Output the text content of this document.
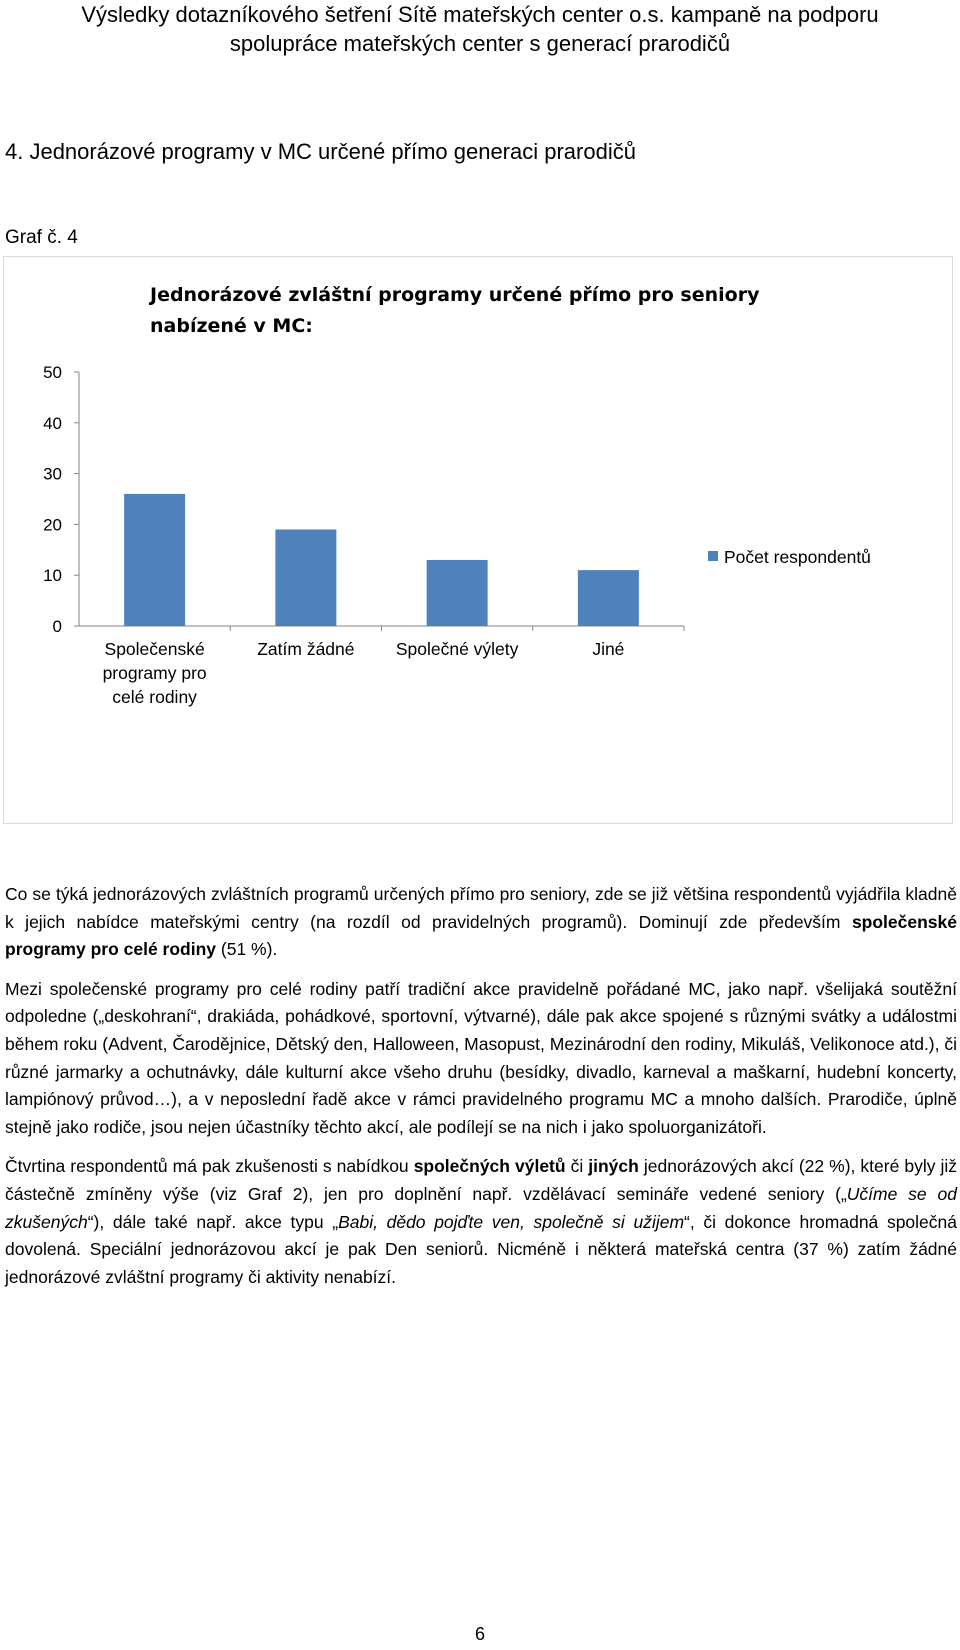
Výsledky dotazníkového šetření Sítě mateřských center o.s. kampaně na podporu
spolupráce mateřských center s generací prarodičů
4. Jednorázové programy v MC určené přímo generaci prarodičů
Graf č. 4
0
10
20
30
40
50
Společenské
programy pro
celé rodiny
Zatím žádné Společné výlety	Jiné
Počet respondentů
Jednorázové zvláštní programy určené přímo pro seniory
nabízené v MC:

Co se týká jednorázových zvláštních programů určených přímo pro seniory, zde se již většina respondentů vyjádřila kladně k jejich nabídce mateřskými centry (na rozdíl od pravidelných programů). Dominují zde především společenské programy pro celé rodiny (51 %).

Mezi společenské programy pro celé rodiny patří tradiční akce pravidelně pořádané MC, jako např. všelijaká soutěžní odpoledne („deskohraní“, drakiáda, pohádkové, sportovní, výtvarné), dále pak akce spojené s různými svátky a událostmi během roku (Advent, Čarodějnice, Dětský den, Halloween, Masopust, Mezinárodní den rodiny, Mikuláš, Velikonoce atd.), či různé jarmarky a ochutnávky, dále kulturní akce všeho druhu (besídky, divadlo, karneval a maškarní, hudební koncerty, lampiónový průvod…), a v neposlední řadě akce v rámci pravidelného programu MC a mnoho dalších. Prarodiče, úplně stejně jako rodiče, jsou nejen účastníky těchto akcí, ale podílejí se na nich i jako spoluorganizátoři.

Čtvrtina respondentů má pak zkušenosti s nabídkou společných výletů či jiných jednorázových akcí (22 %), které byly již částečně zmíněny výše (viz Graf 2), jen pro doplnění např. vzdělávací semináře vedené seniory („Učíme se od zkušených“), dále také např. akce typu „Babi, dědo pojďte ven, společně si užijem“, či dokonce hromadná společná dovolená. Speciální jednorázovou akcí je pak Den seniorů. Nicméně i některá mateřská centra (37 %) zatím žádné jednorázové zvláštní programy či aktivity nenabízí.

6
